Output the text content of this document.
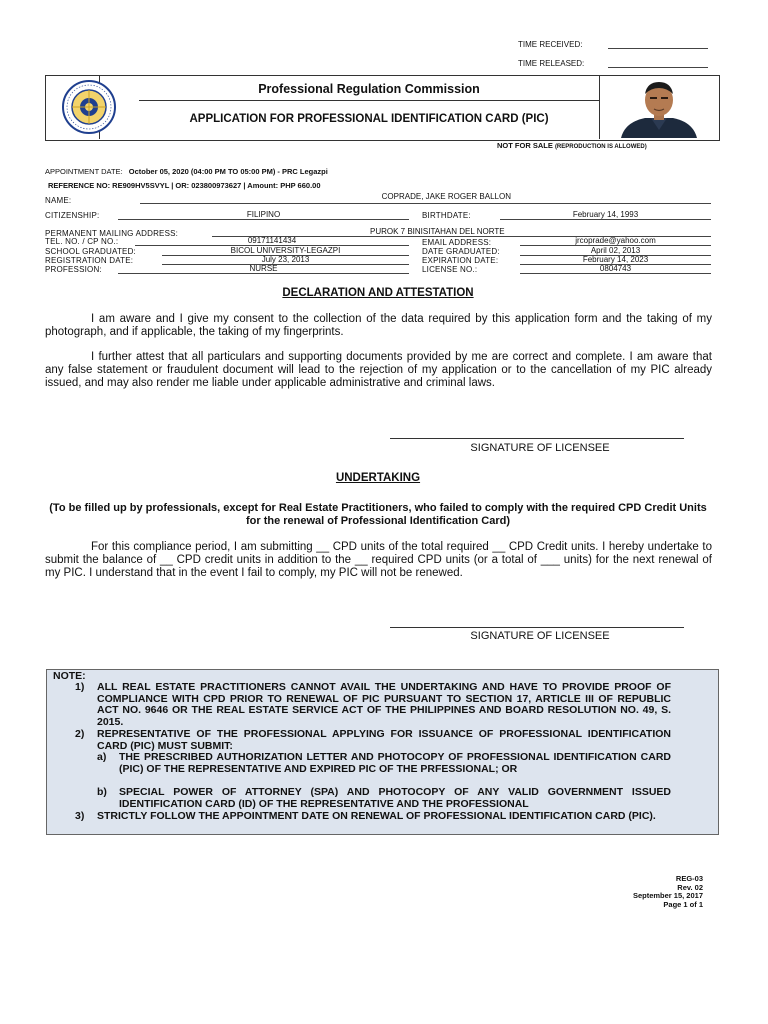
TIME RECEIVED:
TIME RELEASED:
Professional Regulation Commission
APPLICATION FOR PROFESSIONAL IDENTIFICATION CARD (PIC)
NOT FOR SALE (REPRODUCTION IS ALLOWED)
APPOINTMENT DATE: October 05, 2020 (04:00 PM TO 05:00 PM) - PRC Legazpi
REFERENCE NO: RE909HV5SVYL | OR: 023800973627 | Amount: PHP 660.00
NAME:	COPRADE, JAKE ROGER BALLON
CITIZENSHIP:	FILIPINO	BIRTHDATE:	February 14, 1993
PERMANENT MAILING ADDRESS:	PUROK 7 BINISITAHAN DEL NORTE
TEL. NO. / CP NO.:	09171141434	EMAIL ADDRESS:	jrcoprade@yahoo.com
SCHOOL GRADUATED:	BICOL UNIVERSITY-LEGAZPI	DATE GRADUATED:	April 02, 2013
REGISTRATION DATE:	July 23, 2013	EXPIRATION DATE:	February 14, 2023
PROFESSION:	NURSE	LICENSE NO.:	0804743
DECLARATION AND ATTESTATION
I am aware and I give my consent to the collection of the data required by this application form and the taking of my photograph, and if applicable, the taking of my fingerprints.
I further attest that all particulars and supporting documents provided by me are correct and complete. I am aware that any false statement or fraudulent document will lead to the rejection of my application or to the cancellation of my PIC already issued, and may also render me liable under applicable administrative and criminal laws.
SIGNATURE OF LICENSEE
UNDERTAKING
(To be filled up by professionals, except for Real Estate Practitioners, who failed to comply with the required CPD Credit Units for the renewal of Professional Identification Card)
For this compliance period, I am submitting __ CPD units of the total required __ CPD Credit units. I hereby undertake to submit the balance of __ CPD credit units in addition to the __ required CPD units (or a total of ___ units) for the next renewal of my PIC. I understand that in the event I fail to comply, my PIC will not be renewed.
SIGNATURE OF LICENSEE
NOTE:
1) ALL REAL ESTATE PRACTITIONERS CANNOT AVAIL THE UNDERTAKING AND HAVE TO PROVIDE PROOF OF COMPLIANCE WITH CPD PRIOR TO RENEWAL OF PIC PURSUANT TO SECTION 17, ARTICLE III OF REPUBLIC ACT NO. 9646 OR THE REAL ESTATE SERVICE ACT OF THE PHILIPPINES AND BOARD RESOLUTION NO. 49, S. 2015.
2) REPRESENTATIVE OF THE PROFESSIONAL APPLYING FOR ISSUANCE OF PROFESSIONAL IDENTIFICATION CARD (PIC) MUST SUBMIT:
a) THE PRESCRIBED AUTHORIZATION LETTER AND PHOTOCOPY OF PROFESSIONAL IDENTIFICATION CARD (PIC) OF THE REPRESENTATIVE AND EXPIRED PIC OF THE PRFESSIONAL; OR
b) SPECIAL POWER OF ATTORNEY (SPA) AND PHOTOCOPY OF ANY VALID GOVERNMENT ISSUED IDENTIFICATION CARD (ID) OF THE REPRESENTATIVE AND THE PROFESSIONAL
3) STRICTLY FOLLOW THE APPOINTMENT DATE ON RENEWAL OF PROFESSIONAL IDENTIFICATION CARD (PIC).
REG-03
Rev. 02
September 15, 2017
Page 1 of 1
